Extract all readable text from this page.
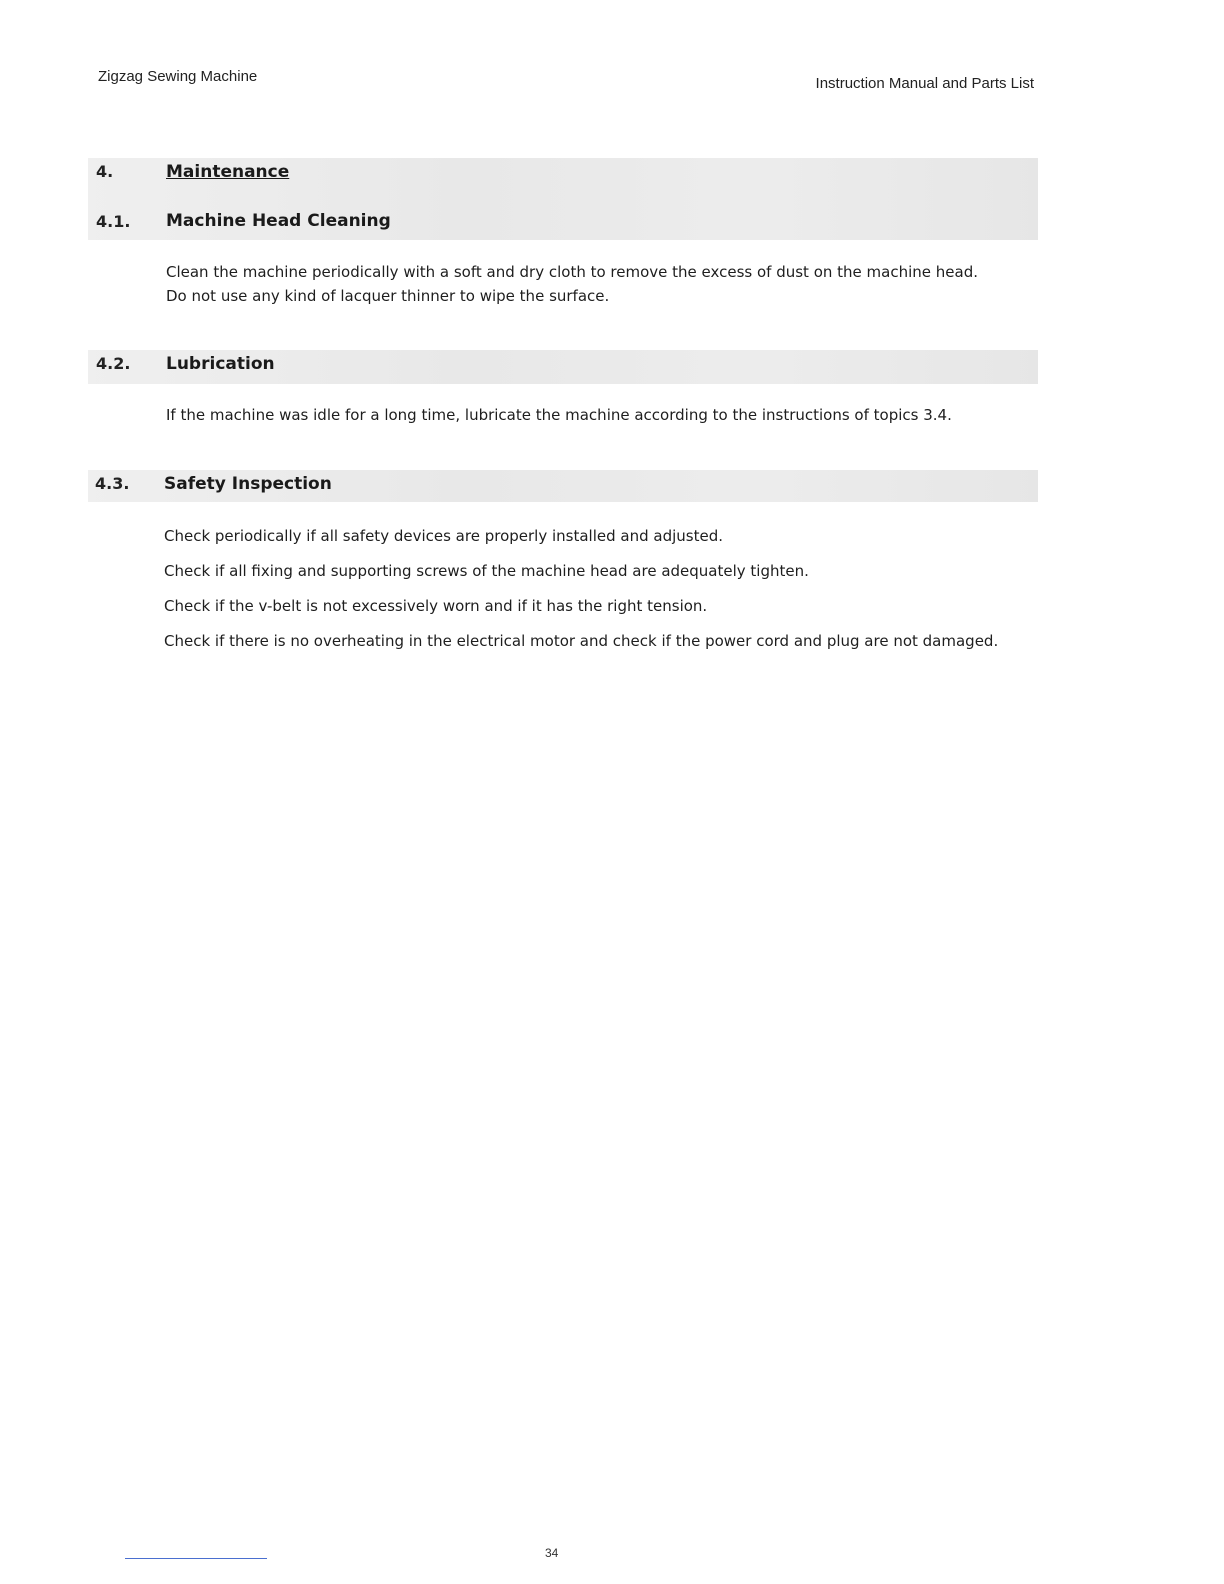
Zigzag Sewing Machine	Instruction Manual and Parts List
4.	Maintenance
4.1. Machine Head Cleaning

Clean the machine periodically with a soft and dry cloth to remove the excess of dust on the machine head.

Do not use any kind of lacquer thinner to wipe the surface.

4.2. Lubrication

If the machine was idle for a long time, lubricate the machine according to the instructions of topics 3.4.

4.3. Safety Inspection

Check periodically if all safety devices are properly installed and adjusted.

Check if all fixing and supporting screws of the machine head are adequately tighten.

Check if the v-belt is not excessively worn and if it has the right tension.

Check if there is no overheating in the electrical motor and check if the power cord and plug are not damaged.

34
